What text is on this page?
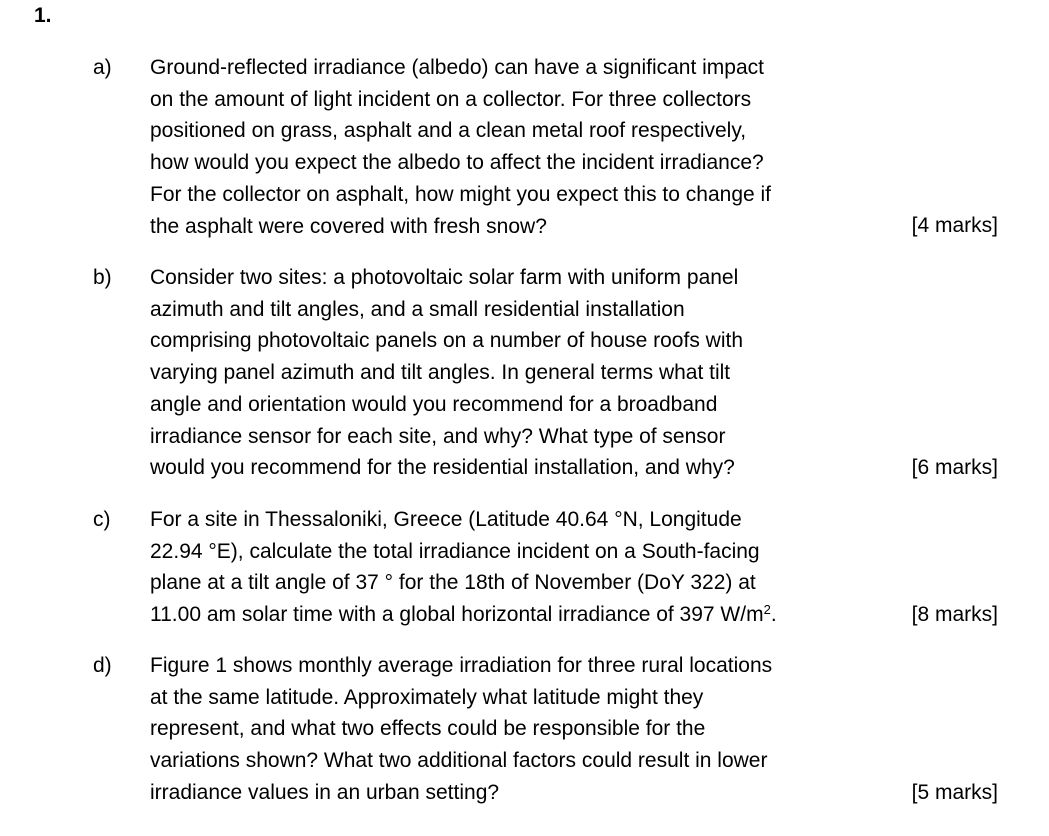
1.
a) Ground-reflected irradiance (albedo) can have a significant impact
on the amount of light incident on a collector. For three collectors
positioned on grass, asphalt and a clean metal roof respectively,
how would you expect the albedo to affect the incident irradiance?
For the collector on asphalt, how might you expect this to change if
the asphalt were covered with fresh snow?	[4 marks]
b) Consider two sites: a photovoltaic solar farm with uniform panel
azimuth and tilt angles, and a small residential installation
comprising photovoltaic panels on a number of house roofs with
varying panel azimuth and tilt angles. In general terms what tilt
angle and orientation would you recommend for a broadband
irradiance sensor for each site, and why? What type of sensor
would you recommend for the residential installation, and why?	[6 marks]
c) For a site in Thessaloniki, Greece (Latitude 40.64 °N, Longitude
22.94 °E), calculate the total irradiance incident on a South-facing
plane at a tilt angle of 37 ° for the 18th of November (DoY 322) at
11.00 am solar time with a global horizontal irradiance of 397 $W/m^2$.	[8 marks]
d) Figure 1 shows monthly average irradiation for three rural locations
at the same latitude. Approximately what latitude might they
represent, and what two effects could be responsible for the
variations shown? What two additional factors could result in lower
irradiance values in an urban setting?	[5 marks]
